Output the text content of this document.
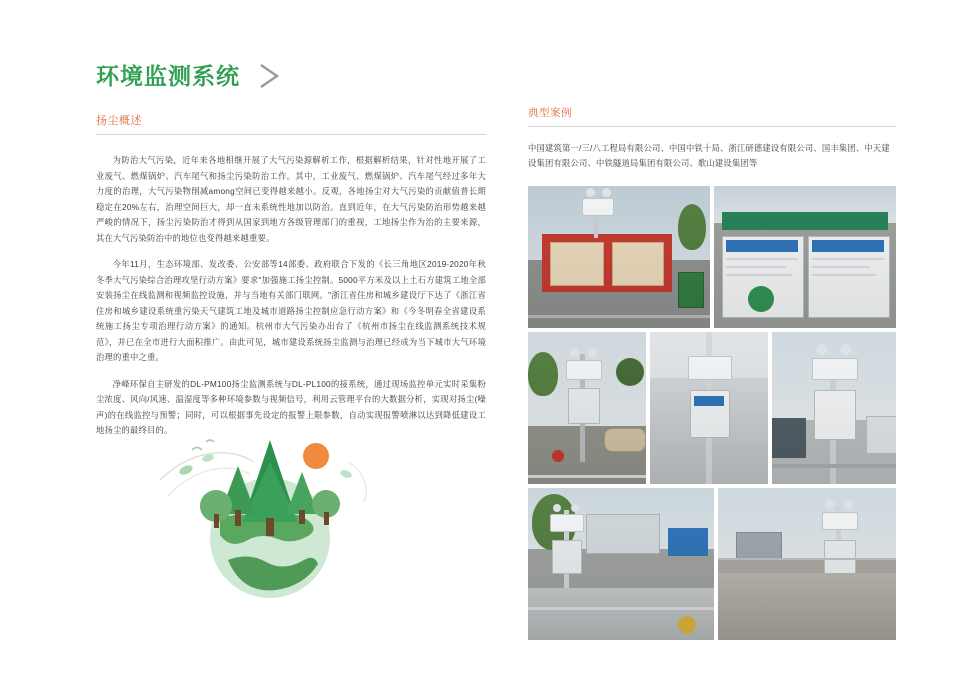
环境监测系统
扬尘概述

为防治大气污染，近年来各地相继开展了大气污染源解析工作，根据解析结果，针对性地开展了工业废气、燃煤锅炉、汽车尾气和扬尘污染防治工作。其中，工业废气、燃煤锅炉、汽车尾气经过多年大力度的治理，大气污染物削减among空间已变得越来越小。反观，各地扬尘对大气污染的贡献值普长期稳定在20%左右，治理空间巨大，却一直未系统性地加以防治。直到近年，在大气污染防治形势越来越严峻的情况下，扬尘污染防治才得到从国家到地方各级管理部门的重视，工地扬尘作为治的主要来源，其在大气污染防治中的地位也变得越来越重要。

今年11月，生态环境部、发改委、公安部等14部委、政府联合下发的《长三角地区2019-2020年秋冬季大气污染综合治理攻坚行动方案》要求"加强施工扬尘控制。5000平方米及以上土石方建筑工地全部安装扬尘在线监测和视频监控设施，并与当地有关部门联网。"浙江省住房和城乡建设厅下达了《浙江省住房和城乡建设系统重污染天气建筑工地及城市道路扬尘控制应急行动方案》和《今冬明春全省建设系统施工扬尘专项治理行动方案》的通知。杭州市大气污染办出台了《杭州市扬尘在线监测系统技术规范》，并已在全市进行大面积推广。由此可见，城市建设系统扬尘监测与治理已经成为当下城市大气环境治理的重中之重。

净峰环保自主研发的DL-PM100扬尘监测系统与DL-PL100的接系统，通过现场监控单元实时采集粉尘浓度、风向/风速、温湿度等多种环境参数与视频信号，利用云管理平台的大数据分析，实现对扬尘(噪声)的在线监控与预警；同时，可以根据事先设定的报警上限参数，自动实现报警喷淋以达到降低建设工地扬尘的最终目的。

典型案例
中国建筑第一/三/八工程局有限公司、中国中铁十局、浙江研德建设有限公司、国丰集团、中天建设集团有限公司、中铁隧道局集团有限公司、歌山建设集团等
